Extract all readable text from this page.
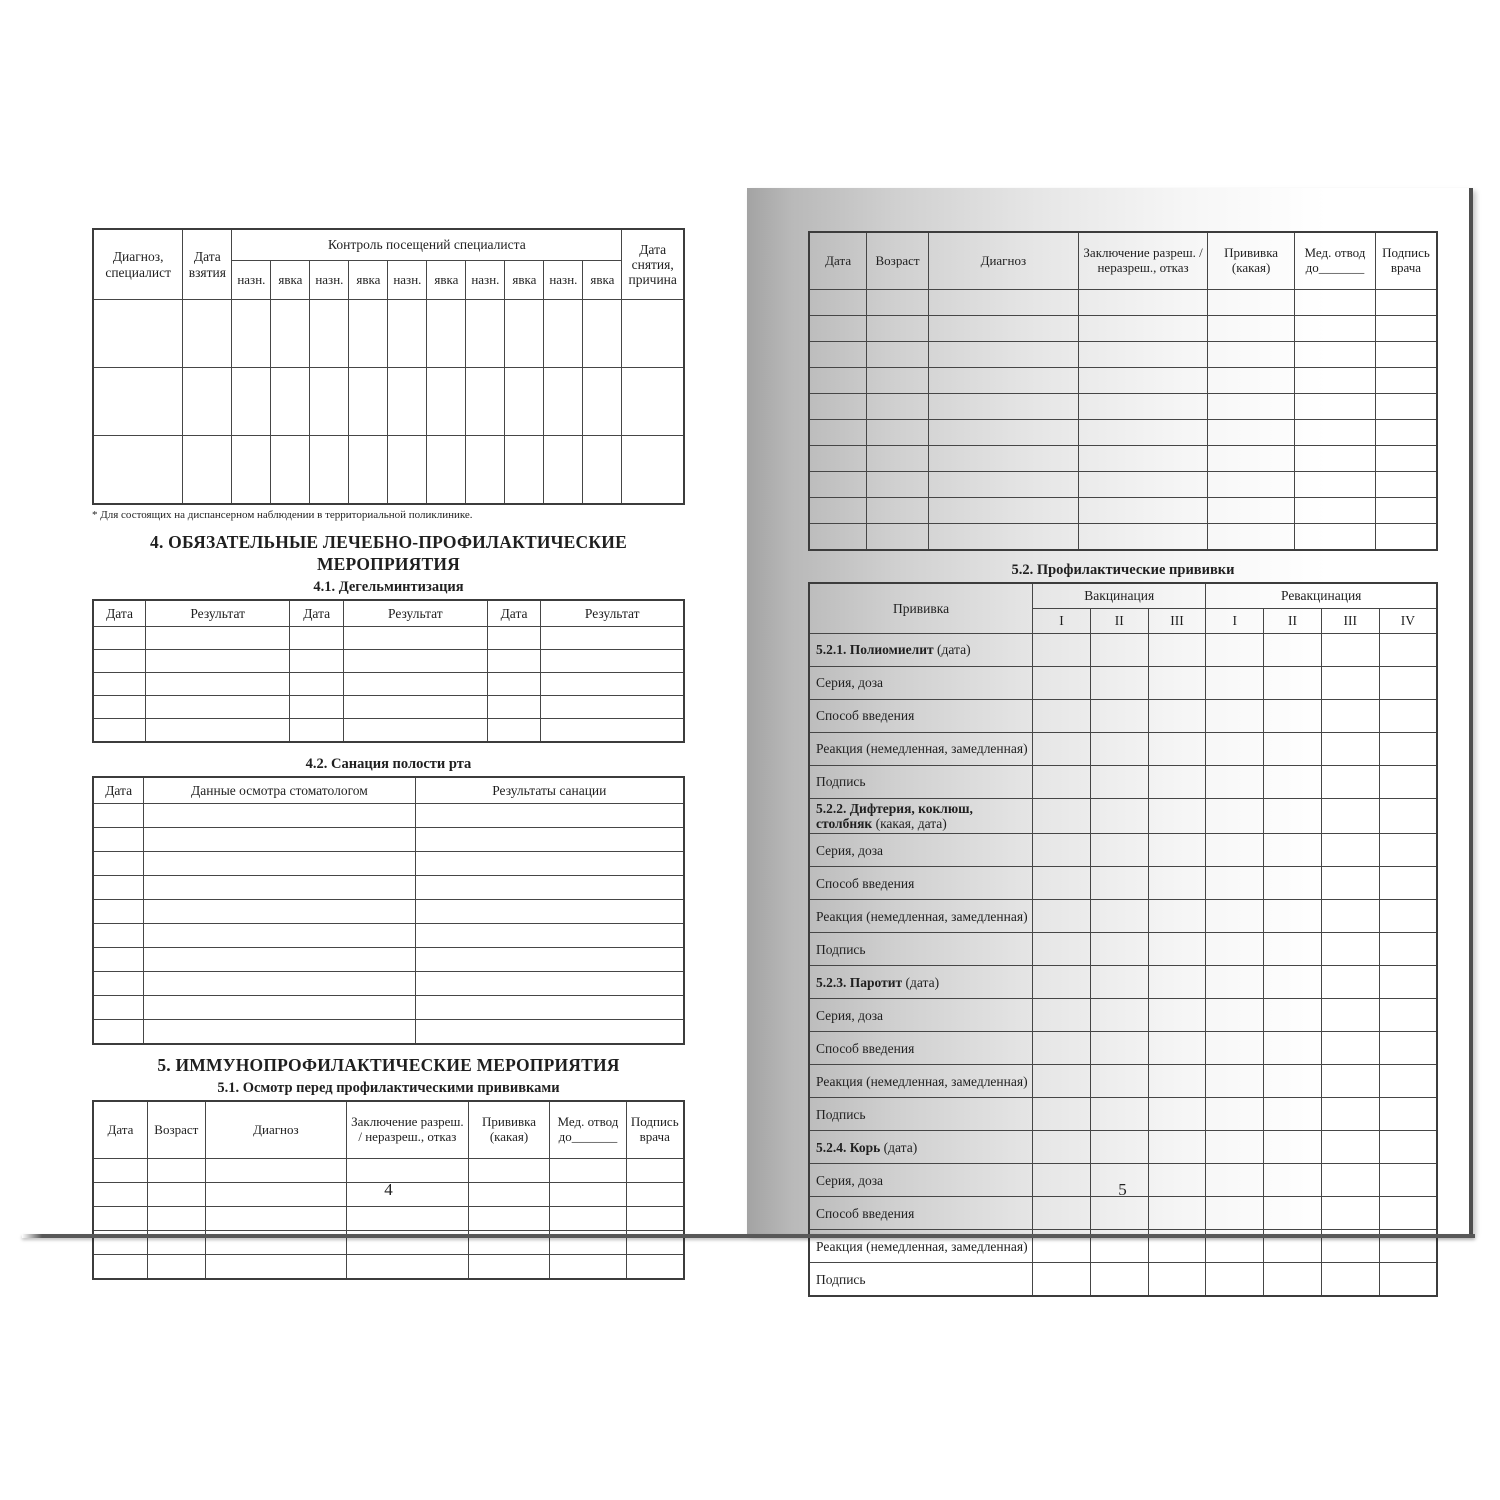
Дата	Возраст	Диагноз	Заключение разреш. / неразреш., отказ	Прививка (какая)	Мед. отвод до_______	Подпись врача

5.2. Профилактические прививки
Прививка	Вакцинация			Ревакцинация			
	I	II	III	I	II	III	IV
5.2.1. Полиомиелит (дата)							
Серия, доза							
Способ введения							
Реакция (немедленная, замедленная)							
Подпись							
5.2.2. Дифтерия, коклюш, столбняк (какая, дата)							
Серия, доза							
Способ введения							
Реакция (немедленная, замедленная)							
Подпись							
5.2.3. Паротит (дата)							
Серия, доза							
Способ введения							
Реакция (немедленная, замедленная)							
Подпись							
5.2.4. Корь (дата)							
Серия, доза							
Способ введения							
Реакция (немедленная, замедленная)							
Подпись							
Диагноз, специалист	Дата взятия	Контроль посещений специалиста										Дата снятия, причина
		назн.	явка	назн.	явка	назн.	явка	назн.	явка	назн.	явка	

* Для состоящих на диспансерном наблюдении в территориальной поликлинике.
4. ОБЯЗАТЕЛЬНЫЕ ЛЕЧЕБНО-ПРОФИЛАКТИЧЕСКИЕ МЕРОПРИЯТИЯ
4.1. Дегельминтизация
Дата	Результат	Дата	Результат	Дата	Результат

4.2. Санация полости рта
Дата	Данные осмотра стоматологом	Результаты санации

5. ИММУНОПРОФИЛАКТИЧЕСКИЕ МЕРОПРИЯТИЯ
5.1. Осмотр перед профилактическими прививками
Дата	Возраст	Диагноз	Заключение разреш. / неразреш., отказ	Прививка (какая)	Мед. отвод до_______	Подпись врача

4	5
